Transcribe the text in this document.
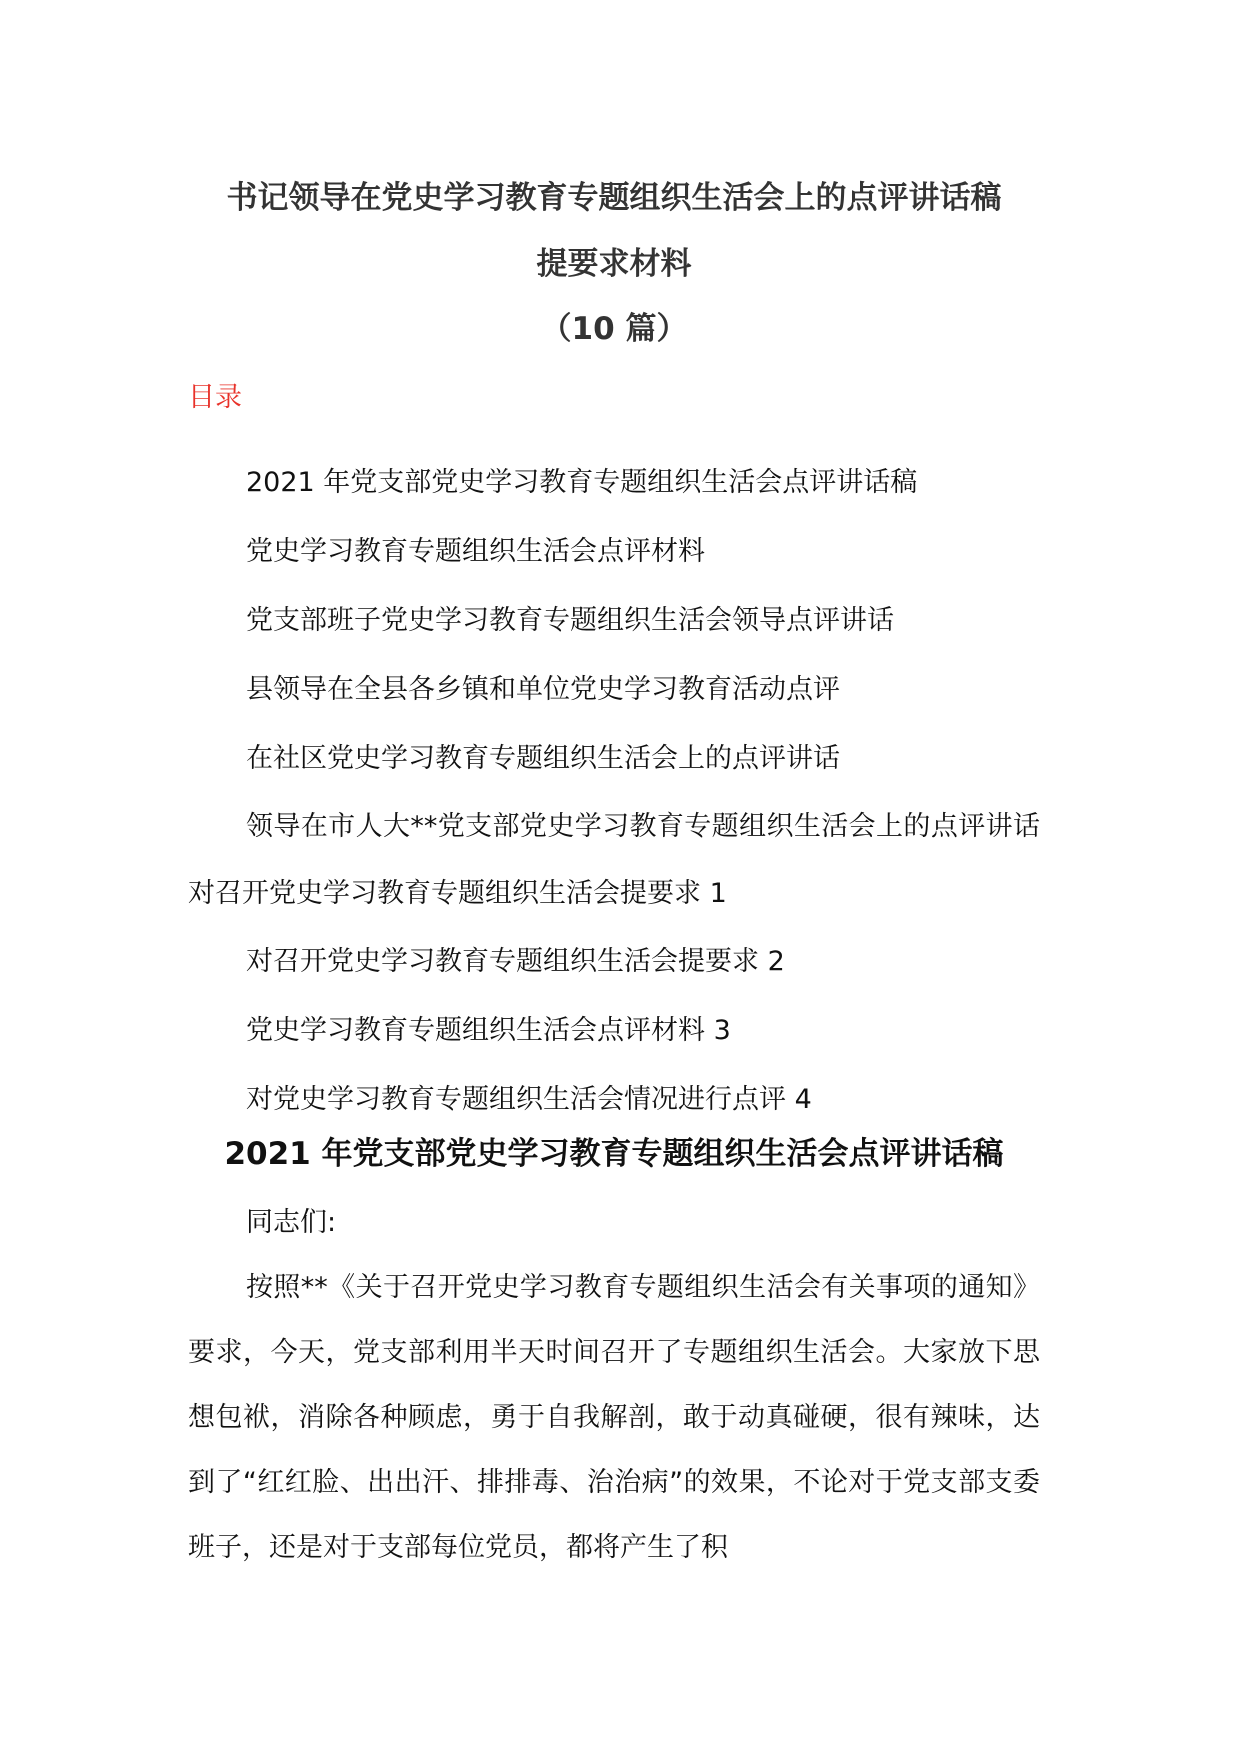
书记领导在党史学习教育专题组织生活会上的点评讲话稿
提要求材料
（10 篇）
目录
2021 年党支部党史学习教育专题组织生活会点评讲话稿
党史学习教育专题组织生活会点评材料
党支部班子党史学习教育专题组织生活会领导点评讲话
县领导在全县各乡镇和单位党史学习教育活动点评
在社区党史学习教育专题组织生活会上的点评讲话
领导在市人大**党支部党史学习教育专题组织生活会上的点评讲话对召开党史学习教育专题组织生活会提要求 1
对召开党史学习教育专题组织生活会提要求 2
党史学习教育专题组织生活会点评材料 3
对党史学习教育专题组织生活会情况进行点评 4
2021 年党支部党史学习教育专题组织生活会点评讲话稿

同志们:

按照**《关于召开党史学习教育专题组织生活会有关事项的通知》要求，今天，党支部利用半天时间召开了专题组织生活会。大家放下思想包袱，消除各种顾虑，勇于自我解剖，敢于动真碰硬，很有辣味，达到了“红红脸、出出汗、排排毒、治治病”的效果，不论对于党支部支委班子，还是对于支部每位党员，都将产生了积
